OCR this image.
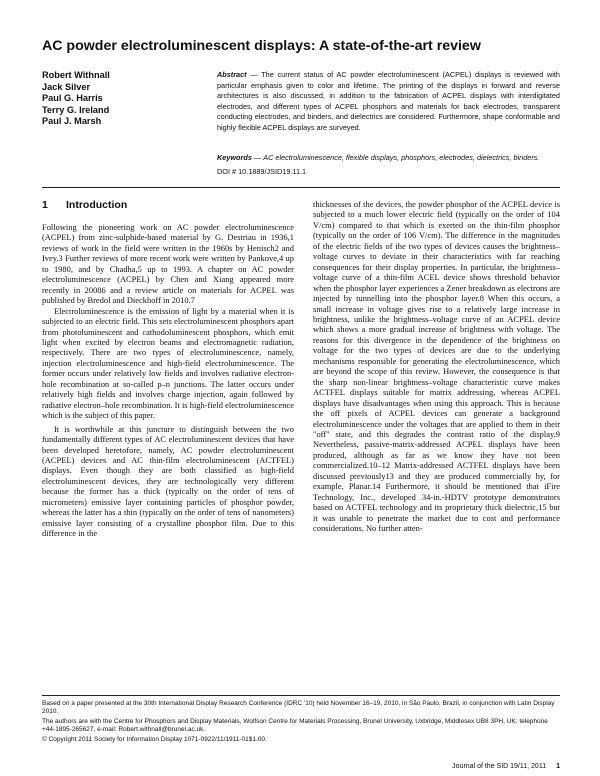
AC powder electroluminescent displays: A state-of-the-art review
Robert Withnall
Jack Silver
Paul G. Harris
Terry G. Ireland
Paul J. Marsh

Abstract — The current status of AC powder electroluminescent (ACPEL) displays is reviewed with particular emphasis given to color and lifetime. The printing of the displays in forward and reverse architectures is also discussed, in addition to the fabrication of ACPEL displays with interdigitated electrodes, and different types of ACPEL phosphors and materials for back electrodes, transparent conducting electrodes, and binders, and dielectrics are considered. Furthermore, shape conformable and highly flexible ACPEL displays are surveyed.

Keywords — AC electroluminescence, flexible displays, phosphors, electrodes, dielectrics, binders.

DOI # 10.1889/JSID19.11.1
1 Introduction

Following the pioneering work on AC powder electroluminescence (ACPEL) from zinc-sulphide-based material by G. Destriau in 1936,1 reviews of work in the field were written in the 1960s by Henisch2 and Ivey.3 Further reviews of more recent work were written by Pankove,4 up to 1980, and by Chadha,5 up to 1993. A chapter on AC powder electroluminescence (ACPEL) by Chen and Xiang appeared more recently in 20086 and a review article on materials for ACPEL was published by Bredol and Dieckhoff in 2010.7

Electroluminescence is the emission of light by a material when it is subjected to an electric field. This sets electroluminescent phosphors apart from photoluminescent and cathodoluminescent phosphors, which emit light when excited by electron beams and electromagnetic radiation, respectively. There are two types of electroluminescence, namely, injection electroluminescence and high-field electroluminescence. The former occurs under relatively low fields and involves radiative electron-hole recombination at so-called p–n junctions. The latter occurs under relatively high fields and involves charge injection, again followed by radiative electron–hole recombination. It is high-field electroluminescence which is the subject of this paper.

It is worthwhile at this juncture to distinguish between the two fundamentally different types of AC electroluminescent devices that have been developed heretofore, namely, AC powder electroluminescent (ACPEL) devices and AC thin-film electroluminescent (ACTFEL) displays. Even though they are both classified as high-field electroluminescent devices, they are technologically very different because the former has a thick (typically on the order of tens of micrometers) emissive layer containing particles of phosphor powder, whereas the latter has a thin (typically on the order of tens of nanometers) emissive layer consisting of a crystalline phosphor film. Due to this difference in the

thicknesses of the devices, the powder phosphor of the ACPEL device is subjected to a much lower electric field (typically on the order of 104 V/cm) compared to that which is exerted on the thin-film phosphor (typically on the order of 106 V/cm). The difference in the magnitudes of the electric fields of the two types of devices causes the brightness–voltage curves to deviate in their characteristics with far reaching consequences for their display properties. In particular, the brightness–voltage curve of a thin-film ACEL device shows threshold behavior when the phosphor layer experiences a Zener breakdown as electrons are injected by tunnelling into the phosphor layer.8 When this occurs, a small increase in voltage gives rise to a relatively large increase in brightness, unlike the brightness–voltage curve of an ACPEL device which shows a more gradual increase of brightness with voltage. The reasons for this divergence in the dependence of the brightness on voltage for the two types of devices are due to the underlying mechanisms responsible for generating the electroluminescence, which are beyond the scope of this review. However, the consequence is that the sharp non-linear brightness–voltage characteristic curve makes ACTFEL displays suitable for matrix addressing, whereas ACPEL displays have disadvantages when using this approach. This is because the off pixels of ACPEL devices can generate a background electroluminescence under the voltages that are applied to them in their "off" state, and this degrades the contrast ratio of the display.9 Nevertheless, passive-matrix-addressed ACPEL displays have been produced, although as far as we know they have not been commercialized.10–12 Matrix-addressed ACTFEL displays have been discussed previously13 and they are produced commercially by, for example, Planar.14 Furthermore, it should be mentioned that iFire Technology, Inc., developed 34-in.-HDTV prototype demonstrators based on ACTFEL technology and its proprietary thick dielectric,15 but it was unable to penetrate the market due to cost and performance considerations. No further atten-

Based on a paper presented at the 30th International Display Research Conference (IDRC '10) held November 16–19, 2010, in São Paulo, Brazil, in conjunction with Latin Display 2010.

The authors are with the Centre for Phosphors and Display Materials, Wolfson Centre for Materials Processing, Brunel University, Uxbridge, Middlesex UB8 3PH, UK; telephone +44-1895-265627, e-mail: Robert.withnall@brunel.ac.uk.

© Copyright 2011 Society for Information Display 1071-0922/11/1911-01$1.00.

Journal of the SID 19/11, 2011 1
